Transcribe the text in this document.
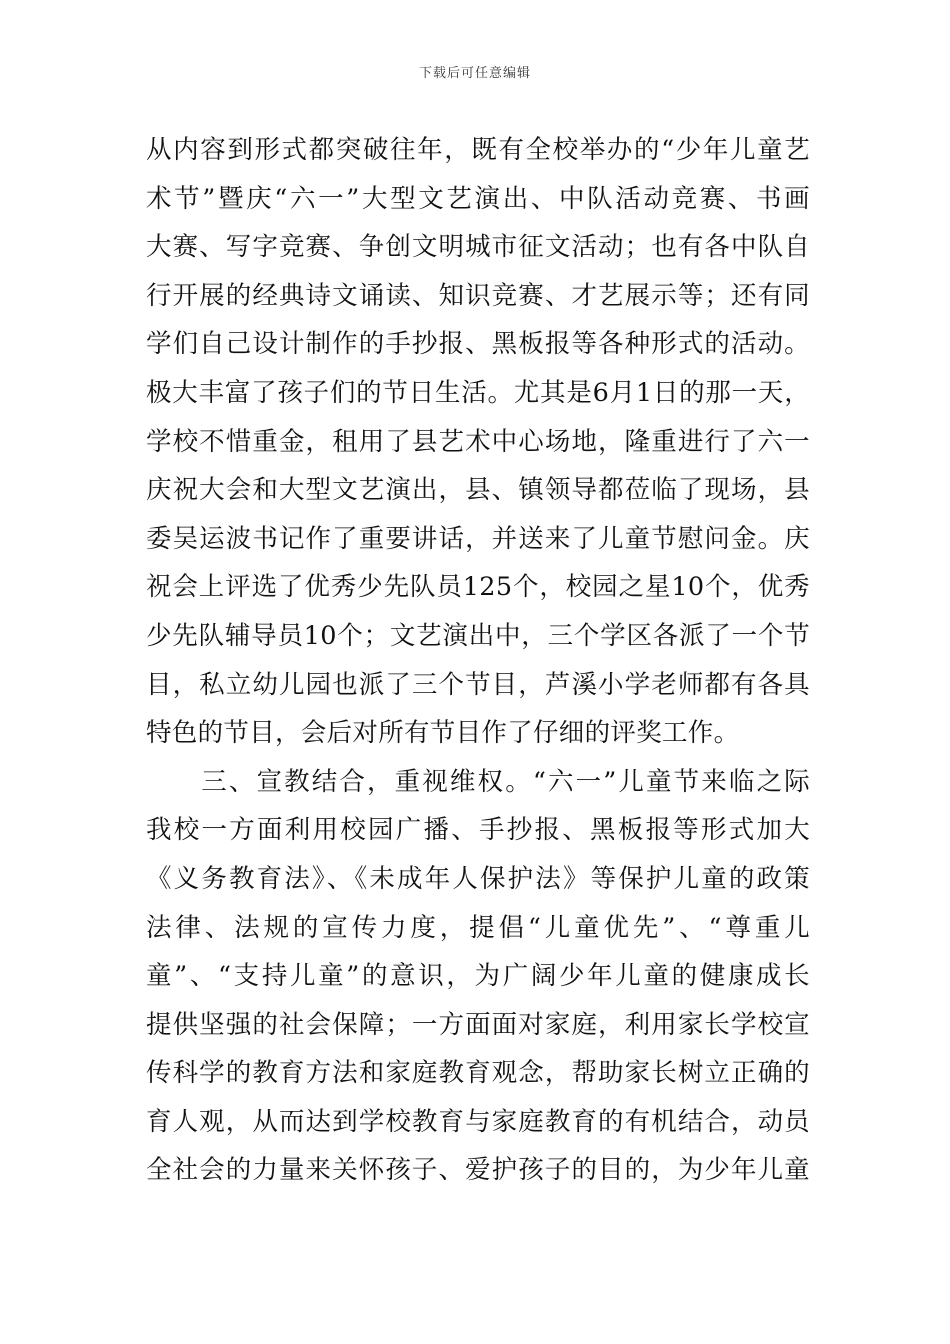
下载后可任意编辑
从内容到形式都突破往年，既有全校举办的“少年儿童艺
术节”暨庆“六一”大型文艺演出、中队活动竞赛、书画
大赛、写字竞赛、争创文明城市征文活动；也有各中队自
行开展的经典诗文诵读、知识竞赛、才艺展示等；还有同
学们自己设计制作的手抄报、黑板报等各种形式的活动。
极大丰富了孩子们的节日生活。尤其是6月1日的那一天，
学校不惜重金，租用了县艺术中心场地，隆重进行了六一
庆祝大会和大型文艺演出，县、镇领导都莅临了现场，县
委吴运波书记作了重要讲话，并送来了儿童节慰问金。庆
祝会上评选了优秀少先队员125个，校园之星10个，优秀
少先队辅导员10个；文艺演出中，三个学区各派了一个节
目，私立幼儿园也派了三个节目，芦溪小学老师都有各具
特色的节目，会后对所有节目作了仔细的评奖工作。
　　三、宣教结合，重视维权。“六一”儿童节来临之际
我校一方面利用校园广播、手抄报、黑板报等形式加大
《义务教育法》、《未成年人保护法》等保护儿童的政策
法律、法规的宣传力度，提倡“儿童优先”、“尊重儿
童”、“支持儿童”的意识，为广阔少年儿童的健康成长
提供坚强的社会保障；一方面面对家庭，利用家长学校宣
传科学的教育方法和家庭教育观念，帮助家长树立正确的
育人观，从而达到学校教育与家庭教育的有机结合，动员
全社会的力量来关怀孩子、爱护孩子的目的，为少年儿童
